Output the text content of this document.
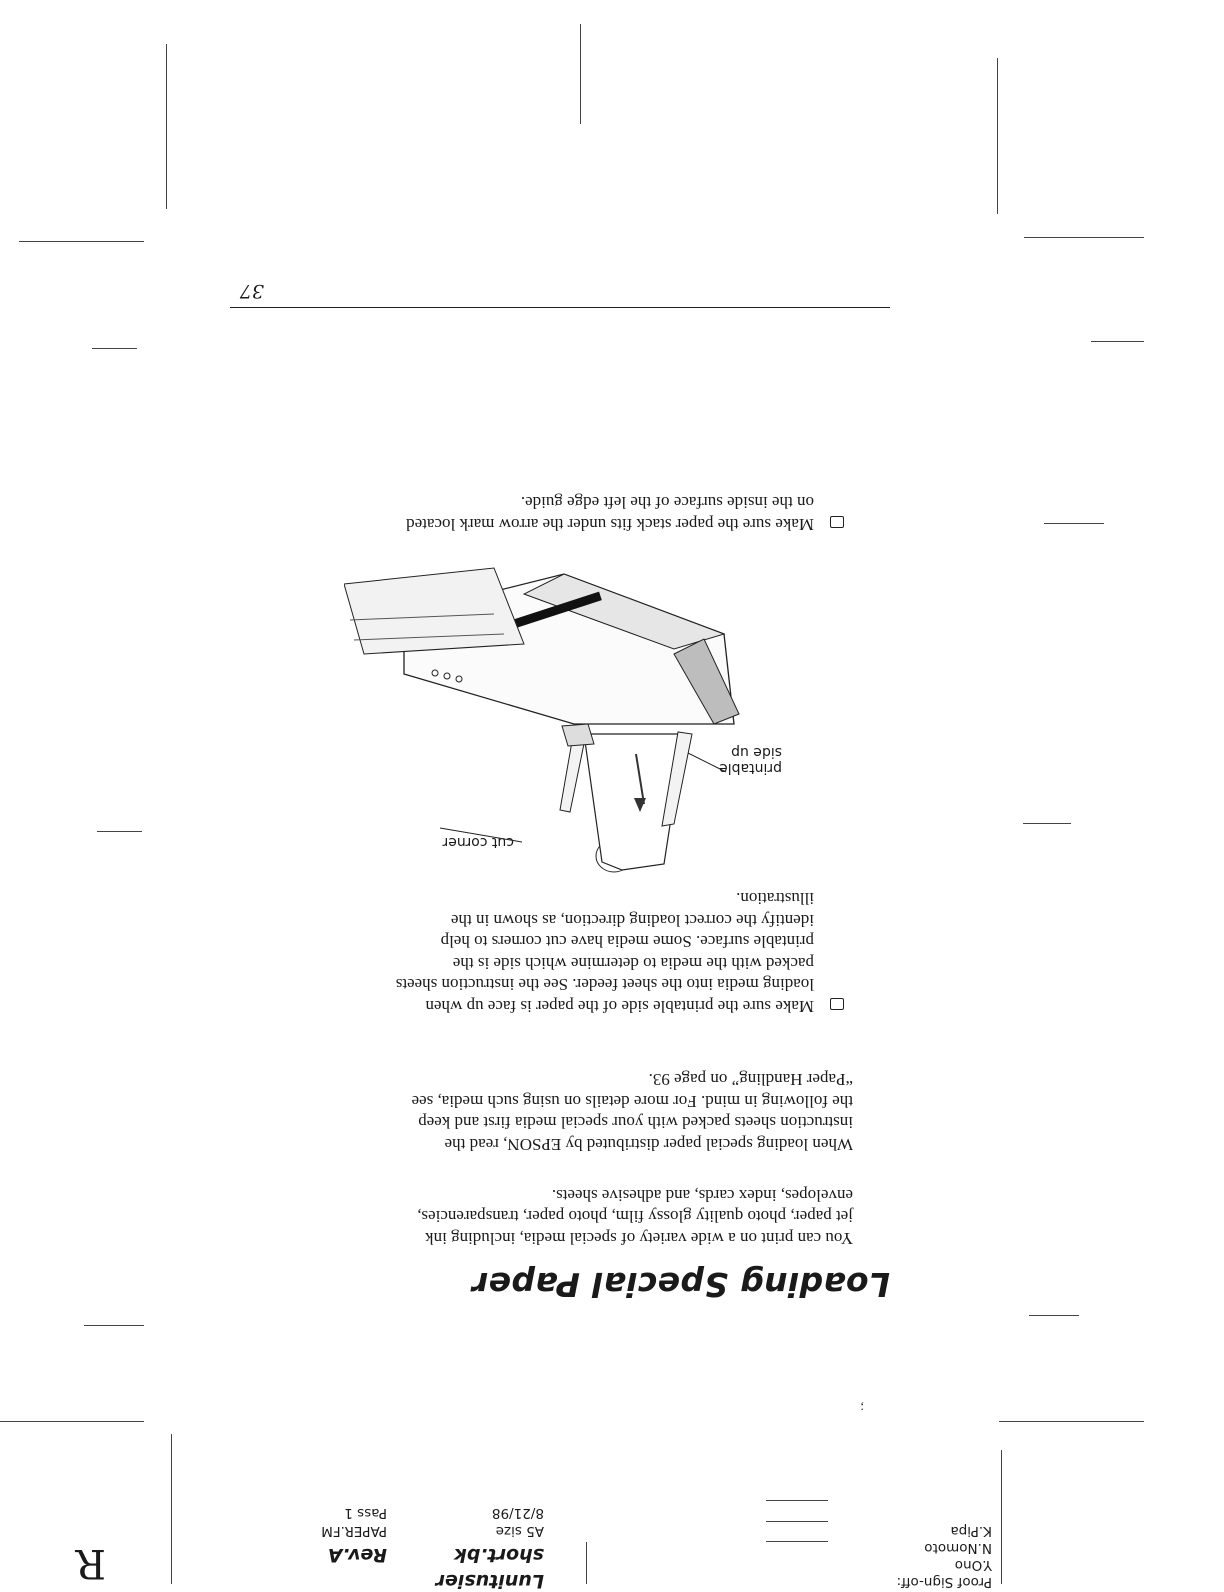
Proof Sign-off:
Y.Ono
N.Nomoto
K.Pipa
Lunitusier
short.bk
A5 size
8/21/98
Rev.A
PAPER.FM
Pass 1
R
;
Loading Special Paper
You can print on a wide variety of special media, including ink
jet paper, photo quality glossy film, photo paper, transparencies,
envelopes, index cards, and adhesive sheets.
When loading special paper distributed by EPSON, read the
instruction sheets packed with your special media first and keep
the following in mind. For more details on using such media, see
“Paper Handling” on page 93.
Make sure the printable side of the paper is face up when
loading media into the sheet feeder. See the instruction sheets
packed with the media to determine which side is the
printable surface. Some media have cut corners to help
identify the correct loading direction, as shown in the
illustration.
cut corner
printable
side up
Make sure the paper stack fits under the arrow mark located
on the inside surface of the left edge guide.
37
